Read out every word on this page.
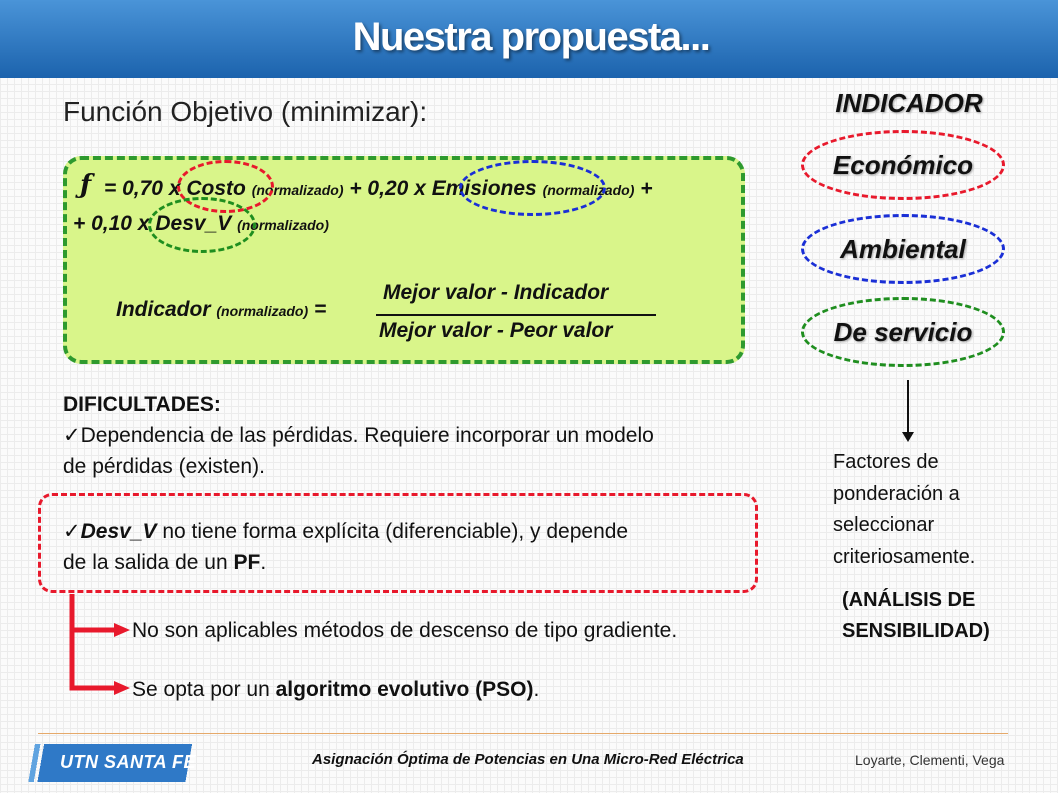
Nuestra propuesta...
Función Objetivo (minimizar):
ƒ = 0,70 x Costo (normalizado) + 0,20 x Emisiones (normalizado) +
+ 0,10 x Desv_V (normalizado)
Indicador (normalizado) =
Mejor valor - Indicador
Mejor valor - Peor valor
INDICADOR
Económico
Ambiental
De servicio
Factores de
ponderación a
seleccionar
criteriosamente.
(ANÁLISIS DE
SENSIBILIDAD)
DIFICULTADES:
✓Dependencia de las pérdidas. Requiere incorporar un modelo
de pérdidas (existen).
✓Desv_V no tiene forma explícita (diferenciable), y depende
de la salida de un PF.
No son aplicables métodos de descenso de tipo gradiente.
Se opta por un algoritmo evolutivo (PSO).
UTN SANTA FE	Asignación Óptima de Potencias en Una Micro-Red Eléctrica	Loyarte, Clementi, Vega
